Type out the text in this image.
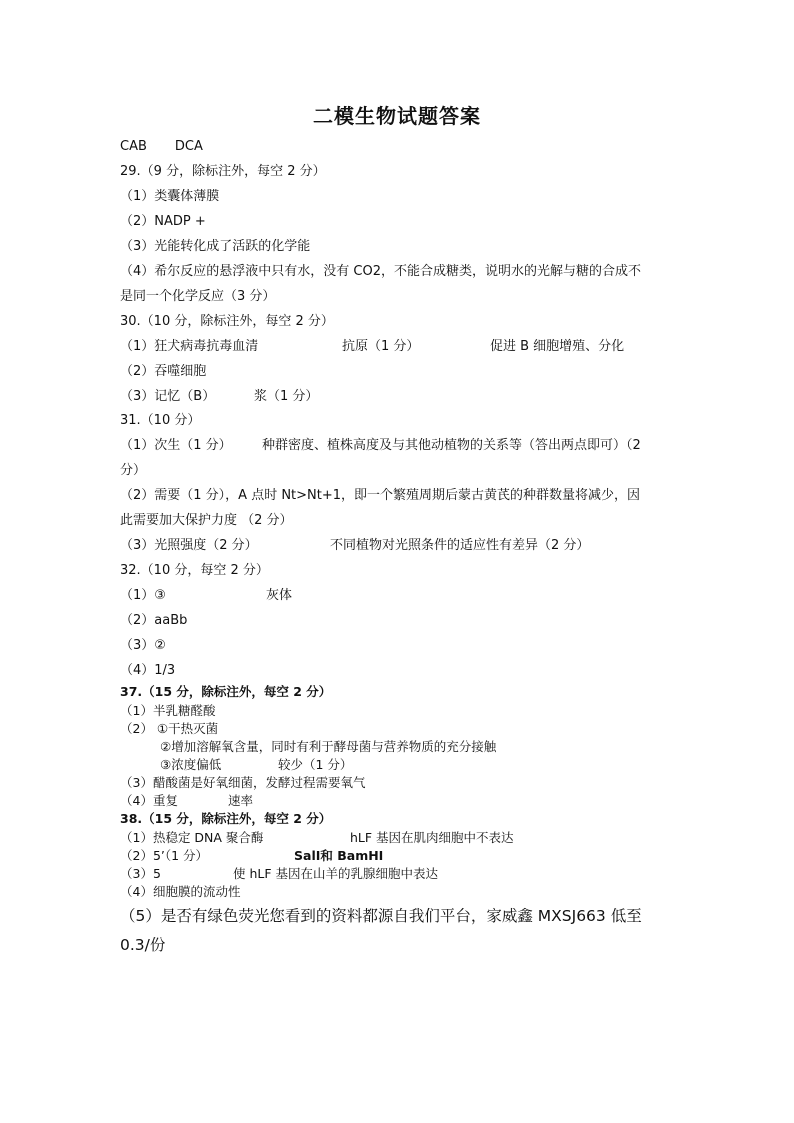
二模生物试题答案
CAB DCA
29.（9 分，除标注外，每空 2 分）
（1）类囊体薄膜
（2）NADP +
（3）光能转化成了活跃的化学能
（4）希尔反应的悬浮液中只有水，没有 CO2，不能合成糖类，说明水的光解与糖的合成不
是同一个化学反应（3 分）
30.（10 分，除标注外，每空 2 分）
（1）狂犬病毒抗毒血清	抗原（1 分）	促进 B 细胞增殖、分化
（2）吞噬细胞
（3）记忆（B）	浆（1 分）
31.（10 分）
（1）次生（1 分） 种群密度、植株高度及与其他动植物的关系等（答出两点即可）（2
分）
（2）需要（1 分），A 点时 Nt>Nt+1，即一个繁殖周期后蒙古黄芪的种群数量将减少，因
此需要加大保护力度 （2 分）
（3）光照强度（2 分）	不同植物对光照条件的适应性有差异（2 分）
32.（10 分，每空 2 分）
（1）③	灰体
（2）aaBb
（3）②
（4）1/3
37.（15 分，除标注外，每空 2 分）
（1）半乳糖醛酸
（2） ①干热灭菌
②增加溶解氧含量，同时有利于酵母菌与营养物质的充分接触
③浓度偏低	较少（1 分）
（3）醋酸菌是好氧细菌，发酵过程需要氧气
（4）重复	速率
38.（15 分，除标注外，每空 2 分）
（1）热稳定 DNA 聚合酶	hLF 基因在肌肉细胞中不表达
（2）5’（1 分）	SalⅠ和 BamHⅠ
（3）5	使 hLF 基因在山羊的乳腺细胞中表达
（4）细胞膜的流动性
（5）是否有绿色荧光您看到的资料都源自我们平台，家威鑫 MXSJ663 低至
0.3/份
